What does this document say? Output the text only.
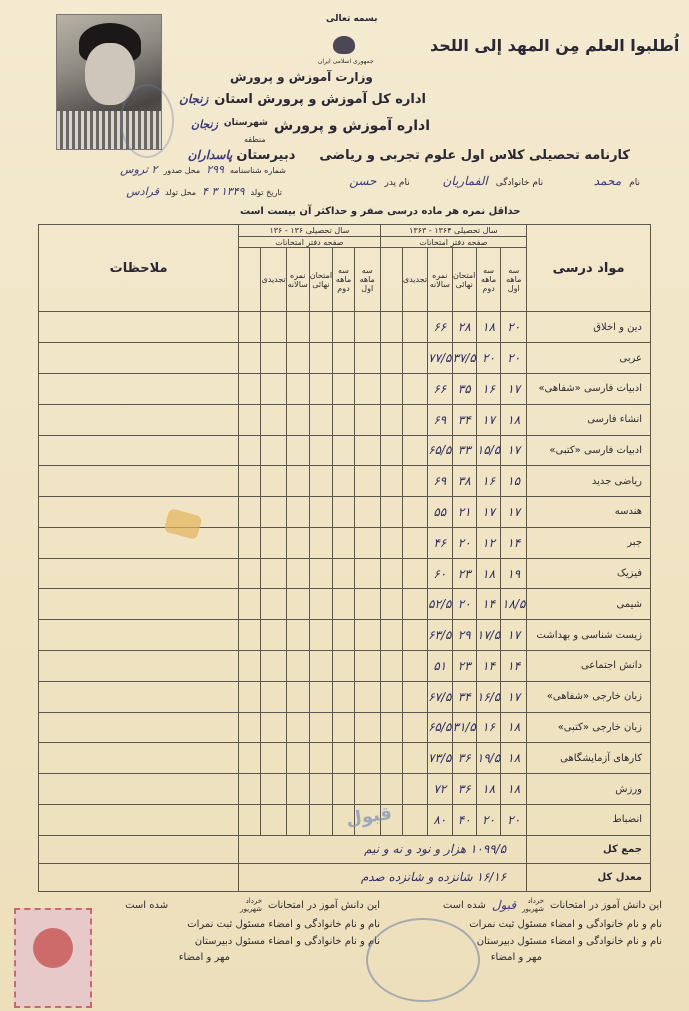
بسمه تعالی
جمهوری اسلامی ایران
اُطلبوا العلم مِن المهد إلی اللحد
وزارت آموزش و پرورش
اداره کل آموزش و پرورش استان
زنجان
اداره آموزش و پرورش
شهرستان
زنجان
منطقه
کارنامه تحصیلی کلاس اول علوم تجربی و ریاضی
دبیرستان
پاسداران
نام
محمد
نام خانوادگی
الفماریان
نام پدر
حسن
شماره شناسنامه
۲۹۹
محل صدور
۲ تروس
تاریخ تولد
۱۳۴۹ ۳ ۴
محل تولد
قرادس
حداقل نمره هر ماده درسی صفر و حداکثر آن بیست است
مواد درسی	سال تحصیلی ۱۳۶۴ - ۱۳۶۳						سال تحصیلی ۱۳۶ - ۱۳۶						ملاحظات
	صفحه دفتر امتحانات						صفحه دفتر امتحانات						
	سه ماهه اول	سه ماهه دوم	امتحان نهائی	نمره سالانه	تجدیدی		سه ماهه اول	سه ماهه دوم	امتحان نهائی	نمره سالانه	تجدیدی		
دین و اخلاق	۲۰	۱۸	۲۸	۶۶									
عربی	۲۰	۲۰	۳۷/۵	۷۷/۵									
ادبیات فارسی «شفاهی»	۱۷	۱۶	۳۵	۶۶									
انشاء فارسی	۱۸	۱۷	۳۴	۶۹									
ادبیات فارسی «کتبی»	۱۷	۱۵/۵	۳۳	۶۵/۵									
ریاضی جدید	۱۵	۱۶	۳۸	۶۹									
هندسه	۱۷	۱۷	۲۱	۵۵									
جبر	۱۴	۱۲	۲۰	۴۶									
فیزیک	۱۹	۱۸	۲۳	۶۰									
شیمی	۱۸/۵	۱۴	۲۰	۵۲/۵									
زیست شناسی و بهداشت	۱۷	۱۷/۵	۲۹	۶۳/۵									
دانش اجتماعی	۱۴	۱۴	۲۳	۵۱									
زبان خارجی «شفاهی»	۱۷	۱۶/۵	۳۴	۶۷/۵									
زبان خارجی «کتبی»	۱۸	۱۶	۳۱/۵	۶۵/۵									
کارهای آزمایشگاهی	۱۸	۱۹/۵	۳۶	۷۳/۵									
ورزش	۱۸	۱۸	۳۶	۷۲									
انضباط	۲۰	۲۰	۴۰	۸۰									
جمع کل	۱۰۹۹/۵ هزار و نود و نه و نیم												
معدل کل	۱۶/۱۶ شانزده و شانزده صدم												
قبول
این دانش آموز در امتحانات
خرداد
شهریور
قبول
شده است
نام و نام خانوادگی و امضاء مسئول ثبت نمرات
نام و نام خانوادگی و امضاء مسئول دبیرستان
مهر و امضاء
این دانش آموز در امتحانات
خرداد
شهریور
شده است
نام و نام خانوادگی و امضاء مسئول ثبت نمرات
نام و نام خانوادگی و امضاء مسئول دبیرستان
مهر و امضاء
